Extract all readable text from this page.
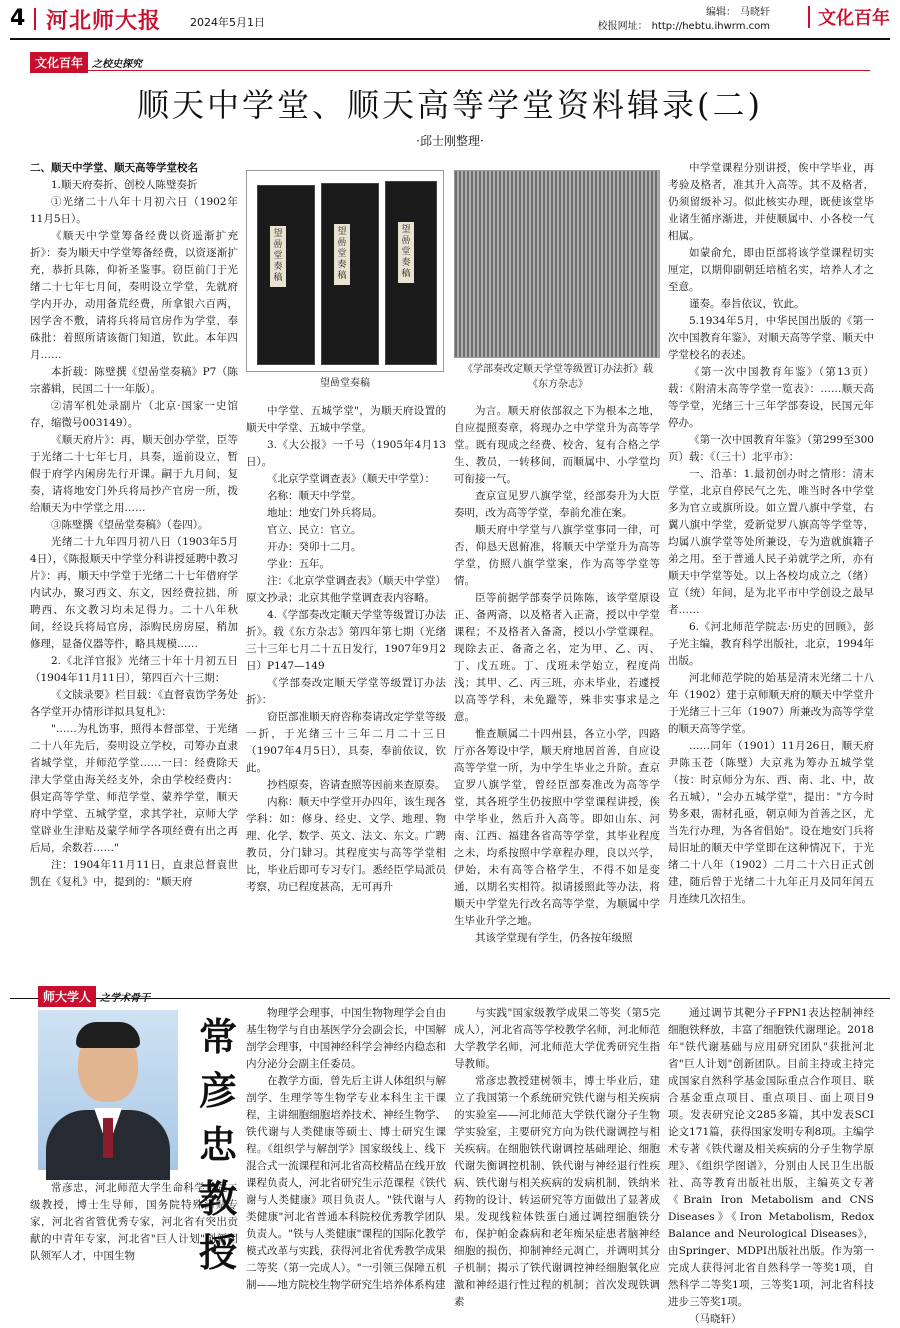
4 河北师大报	2024年5月1日
编辑： 马晓轩
校报网址： http://hebtu.ihwrm.com	文化百年
文化百年 之校史探究
顺天中学堂、顺天高等学堂资料辑录(二)
·邱士刚整理·

二、顺天中学堂、顺天高等学堂校名

1.顺天府奏折、创校人陈璧奏折

①光绪二十八年十月初六日（1902年11月5日）。

《顺天中学堂筹备经费以资遥渐扩充折》：奏为顺天中学堂筹备经费，以资逐渐扩充，恭折具陈，仰祈圣鉴事。窃臣前门于光绪二十七年七月间，奏明设立学堂，先就府学内开办，动用备荒经费，所拿银六百两，因学舍不敷，请将兵将局官房作为学堂，奉硃批：着照所请该衙门知道，钦此。本年四月……

本折载：陈璧撰《望喦堂奏稿》P7（陈宗蕃辑，民国二十一年版）。

②清军机处录副片（北京·国家一史馆存，缩微号003149）。

《顺天府片》：再，顺天创办学堂，臣等于光绪二十七年七月，具奏，遥前设立，暂假于府学内闲房先行开课。嗣于九月间，复奏，请将地安门外兵将局抄产官房一所，拨给顺天为中学堂之用……

③陈璧撰《望喦堂奏稿》（卷四）。

光绪二十九年四月初八日（1903年5月4日），《陈报顺天中学堂分科讲授延聘中教习片》：再，顺天中学堂于光绪二十七年借府学内试办，聚习西文、东文，因经费拉拙，所聘西、东文教习均未足得力。二十八年秋间，经设兵将局官房，添购民房房屋，稍加修理，显备仪器等件，略具规模……

2.《北洋官报》光绪三十年十月初五日（1904年11月11日），第四百六十三期：

《文牍录要》栏目载：《直督袁饬学务处各学堂开办情形详拟具复札》：

"……为札饬事，照得本督部堂，于光绪二十八年先后，奏明设立学校，司筹办直隶省城学堂，并师范学堂……一曰：经费除天津大学堂由海关经支外，余由学校经费内：俱定高等学堂、师范学堂、蒙养学堂，顺天府中学堂、五城学堂，求其学社，京师大学堂辟业生津贴及蒙学师学各项经费有出之再后局，余数若……"

注：1904年11月11日，直隶总督袁世凯在《复札》中，提到的："顺天府

中学堂、五城学堂"，为顺天府设置的顺天中学堂、五城中学堂。

3.《大公报》一千号（1905年4月13日）。

《北京学堂调查表》（顺天中学堂）：

名称：顺天中学堂。

地址：地安门外兵将局。

官立、民立：官立。

开办：癸卯十二月。

学业：五年。

注：《北京学堂调查表》（顺天中学堂）原文抄录；北京其他学堂调查表内容略。

4.《学部奏改定顺天学堂等级置订办法折》。载《东方杂志》第四年第七期（光绪三十三年七月二十五日发行，1907年9月2日）P147—149

《学部奏改定顺天学堂等级置订办法折》：

窃臣部准顺天府咨称奏请改定学堂等级一折，于光绪三十三年二月二十三日（1907年4月5日），具奏，奉前依议，钦此。

抄档原奏，咨请查照等因前来查原奏。

内称：顺天中学堂开办四年，该生现各学科：如：修身、经史、文学、地理、物理、化学、数学、英文、法文、东文。广聘教员，分门肄习。其程度实与高等学堂相比，毕业后即可专习专门。悉经臣学局派员考察，功已程度甚高，无可再升

为言。顺天府依部叙之下为根本之地，自应提照奏章，将现办之中学堂升为高等学堂。既有现成之经费、校舍，复有合格之学生、教员，一转移间，而顺属中、小学堂均可衔接一气。

查京宣见罗八旗学堂，经部奏升为大臣奏明，改为高等学堂，奉前允准在案。

顺天府中学堂与八旗学堂事同一律，可否，仰恳天恩俯准，将顺天中学堂升为高等学堂，仿照八旗学堂案，作为高等学堂等情。

臣等前据学部奏学员陈陈，该学堂原设正、备两斋，以及格者入正斋，授以中学堂课程；不及格者入备斋，授以小学堂课程。现除去正、备斋之名，定为甲、乙、丙、丁、戊五班。丁、戊班未学始立，程度尚浅；其甲、乙、丙三班，亦未毕业，若遽授以高等学科，未免躐等，殊非实事求是之意。

惟查顺属二十四州县，各立小学，四路厅亦各筹设中学，顺天府地居首善，自应设高等学堂一所，为中学生毕业之升阶。查京宣罗八旗学堂，曾经臣部奏准改为高等学堂，其各班学生仍按照中学堂课程讲授，俟中学毕业，然后升入高等。即如山东、河南、江西、福建各省高等学堂，其毕业程度之未，均系按照中学章程办理，良以兴学，伊始，未有高等合格学生，不得不如是变通，以期名实相符。拟请援照此等办法，将顺天中学堂先行改名高等学堂，为顺属中学生毕业升学之地。

其该学堂现有学生，仍各按年级照

中学堂课程分别讲授，俟中学毕业，再考验及格者，准其升入高等。其不及格者，仍须留级补习。似此核实办理，既使该堂毕业诸生循序渐进，并使顺属中、小各校一气相属。

如蒙俞允，即由臣部将该学堂课程切实厘定，以期仰副朝廷培植名实，培养人才之至意。

谨奏。奉旨依议，钦此。

5.1934年5月，中华民国出版的《第一次中国教育年鉴》，对顺天高等学堂、顺天中学堂校名的表述。

《第一次中国教育年鉴》（第13页）载：《附清末高等学堂一览表》：……顺天高等学堂，光绪三十三年学部奏设，民国元年停办。

《第一次中国教育年鉴》（第299至300页）载：《（三十）北平市》：

一、沿革：1.最初创办时之情形：清末学堂，北京自停民气之先，唯当时各中学堂多为官立或旗所设。如立置八旗中学堂，右翼八旗中学堂，爱新觉罗八旗高等学堂等，均属八旗学堂等处所兼设，专为造就旗籍子弟之用。至于普通人民子弟就学之所，亦有顺天中学堂等处。以上各校均成立之（绪）宣（统）年间，是为北平市中学创设之最早者……

6.《河北师范学院志·历史的回顾》，彭子光主编，教育科学出版社，北京，1994年出版。

河北师范学院的始基是清末光绪二十八年（1902）建于京师顺天府的顺天中学堂升于光绪三十三年（1907）所兼改为高等学堂的顺天高等学堂。

……同年（1901）11月26日，顺天府尹陈玉苍（陈璧）大京兆为筹办五城学堂（按：时京师分为东、西、南、北、中，故名五城），"会办五城学堂"，提出："方今时势多艰，需材孔亟，朝京师为首善之区，尤当先行办理，为各省倡始"。设在地安门兵将局旧址的顺天中学堂即在这种情况下，于光绪二十八年（1902）二月二十六日正式创建，随后曾于光绪二十九年正月及同年闰五月连续几次招生。

望喦堂奏稿
望喦堂奏稿
望喦堂奏稿
望喦堂奏稿
《学部奏改定顺天学堂等级置订办法折》载《东方杂志》
师大学人 之学术骨干
常
彦
忠
教
授

常彦忠，河北师范大学生命科学学院二级教授，博士生导师，国务院特殊津贴专家，河北省省管优秀专家，河北省有突出贡献的中青年专家，河北省"巨人计划"创新团队领军人才，中国生物

物理学会理事，中国生物物理学会自由基生物学与自由基医学分会副会长，中国解剖学会理事，中国神经科学会神经内稳态和内分泌分会副主任委员。

在教学方面，曾先后主讲人体组织与解剖学、生理学等生物学专业本科生主干课程，主讲细胞细胞培养技术、神经生物学、铁代谢与人类健康等硕士、博士研究生课程。《组织学与解剖学》国家级线上、线下混合式一流课程和河北省高校精品在线开放课程负责人，河北省研究生示范课程《铁代谢与人类健康》项目负责人。"铁代谢与人类健康"河北省普通本科院校优秀教学团队负责人。"铁与人类健康"课程的国际化教学模式改革与实践，获得河北省优秀教学成果二等奖（第一完成人）。"一引领三保障五机制——地方院校生物学研究生培养体系构建

与实践"国家级教学成果二等奖（第5完成人），河北省高等学校教学名师，河北师范大学教学名师，河北师范大学优秀研究生指导教师。

常彦忠教授建树领丰，博士毕业后，建立了我国第一个系统研究铁代谢与相关疾病的实验室——河北师范大学铁代谢分子生物学实验室，主要研究方向为铁代谢调控与相关疾病。在细胞铁代谢调控基础理论、细胞代谢失衡调控机制、铁代谢与神经退行性疾病、铁代谢与相关疾病的发病机制，铁纳米药物的设计、转运研究等方面做出了显著成果。发现线粒体铁蛋白通过调控细胞铁分布，保护帕金森病和老年痴呆症患者脑神经细胞的损伤，抑制神经元凋亡，并调明其分子机制；揭示了铁代谢调控神经细胞氧化应激和神经退行性过程的机制；首次发现铁调素

通过调节其靶分子FPN1表达控制神经细胞铁释放，丰富了细胞铁代谢理论。2018年"铁代谢基础与应用研究团队"获批河北省"巨人计划"创新团队。目前主持或主持完成国家自然科学基金国际重点合作项目、联合基金重点项目、重点项目、面上项目9项。发表研究论文285多篇，其中发表SCI论文171篇，获得国家发明专利8项。主编学术专著《铁代谢及相关疾病的分子生物学原理》、《组织学图谱》，分别由人民卫生出版社、高等教育出版社出版，主编英文专著《Brain Iron Metabolism and CNS Diseases》《Iron Metabolism, Redox Balance and Neurological Diseases》，由Springer、MDPI出版社出版。作为第一完成人获得河北省自然科学一等奖1项，自然科学二等奖1项，三等奖1项，河北省科技进步三等奖1项。

（马晓轩）
